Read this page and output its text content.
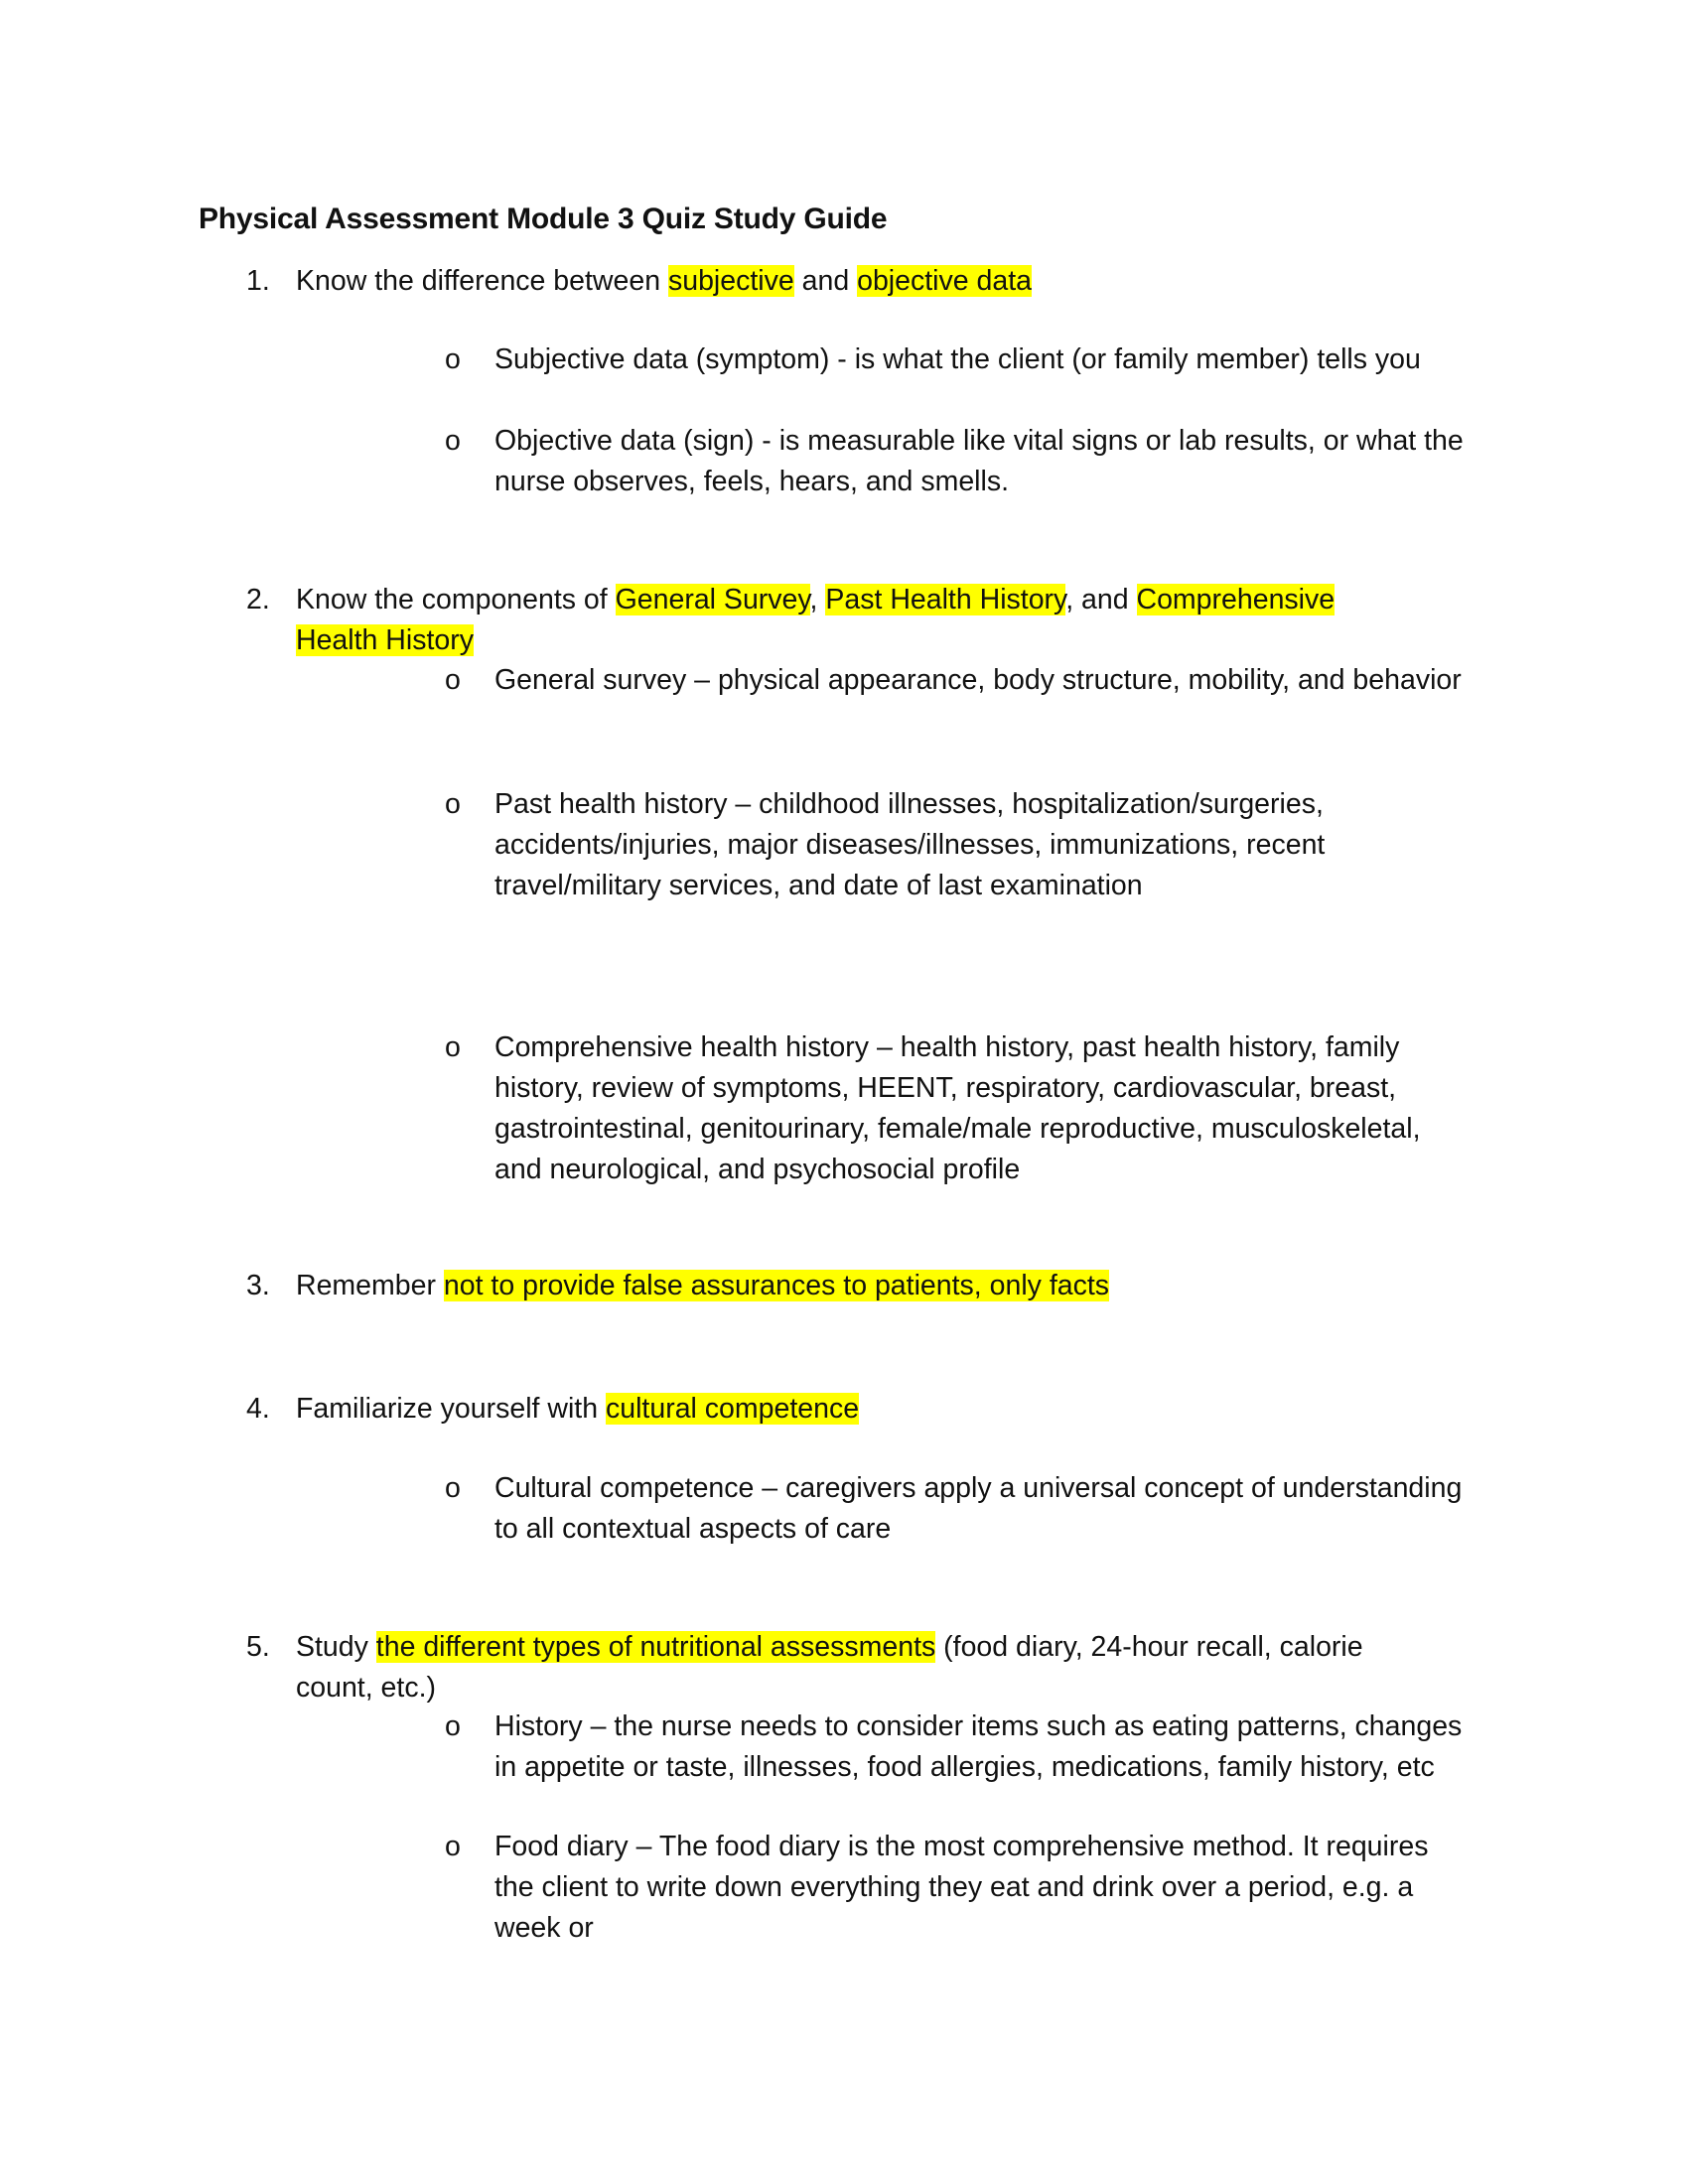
Physical Assessment Module 3 Quiz Study Guide
1. Know the difference between subjective and objective data
o	Subjective data (symptom) - is what the client (or family member) tells you
o	Objective data (sign) - is measurable like vital signs or lab results, or what the nurse observes, feels, hears, and smells.
2. Know the components of General Survey, Past Health History, and Comprehensive Health History
o	General survey – physical appearance, body structure, mobility, and behavior
o	Past health history – childhood illnesses, hospitalization/surgeries, accidents/injuries, major diseases/illnesses, immunizations, recent travel/military services, and date of last examination
o	Comprehensive health history – health history, past health history, family history, review of symptoms, HEENT, respiratory, cardiovascular, breast, gastrointestinal, genitourinary, female/male reproductive, musculoskeletal, and neurological, and psychosocial profile
3. Remember not to provide false assurances to patients, only facts
4. Familiarize yourself with cultural competence
o	Cultural competence – caregivers apply a universal concept of understanding to all contextual aspects of care
5. Study the different types of nutritional assessments (food diary, 24-hour recall, calorie count, etc.)
o	History – the nurse needs to consider items such as eating patterns, changes in appetite or taste, illnesses, food allergies, medications, family history, etc
o	Food diary – The food diary is the most comprehensive method. It requires the client to write down everything they eat and drink over a period, e.g. a week or
